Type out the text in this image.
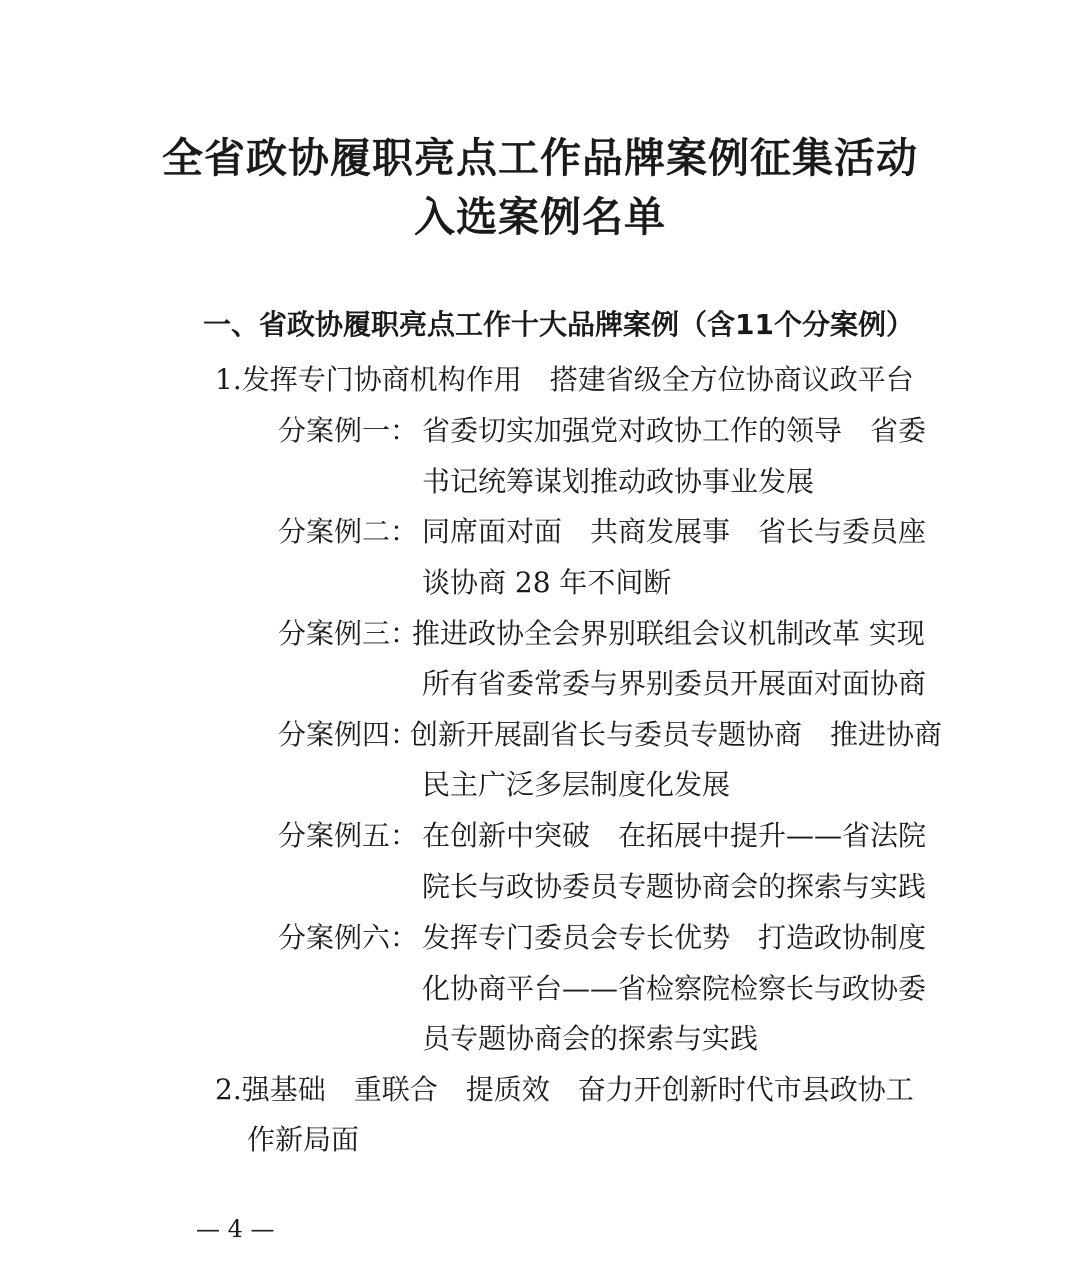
全省政协履职亮点工作品牌案例征集活动
入选案例名单
一、省政协履职亮点工作十大品牌案例（含11个分案例）
1.发挥专门协商机构作用 搭建省级全方位协商议政平台
分案例一： 省委切实加强党对政协工作的领导　省委
书记统筹谋划推动政协事业发展
分案例二： 同席面对面　共商发展事　省长与委员座
谈协商 28 年不间断
分案例三：
推进政协全会界别联组会议机制改革 实现
所有省委常委与界别委员开展面对面协商
分案例四：
创新开展副省长与委员专题协商　推进协商
民主广泛多层制度化发展
分案例五： 在创新中突破　在拓展中提升——省法院
院长与政协委员专题协商会的探索与实践
分案例六： 发挥专门委员会专长优势　打造政协制度
化协商平台——省检察院检察长与政协委
员专题协商会的探索与实践
2.强基础　重联合　提质效　奋力开创新时代市县政协工
作新局面
— 4 —
